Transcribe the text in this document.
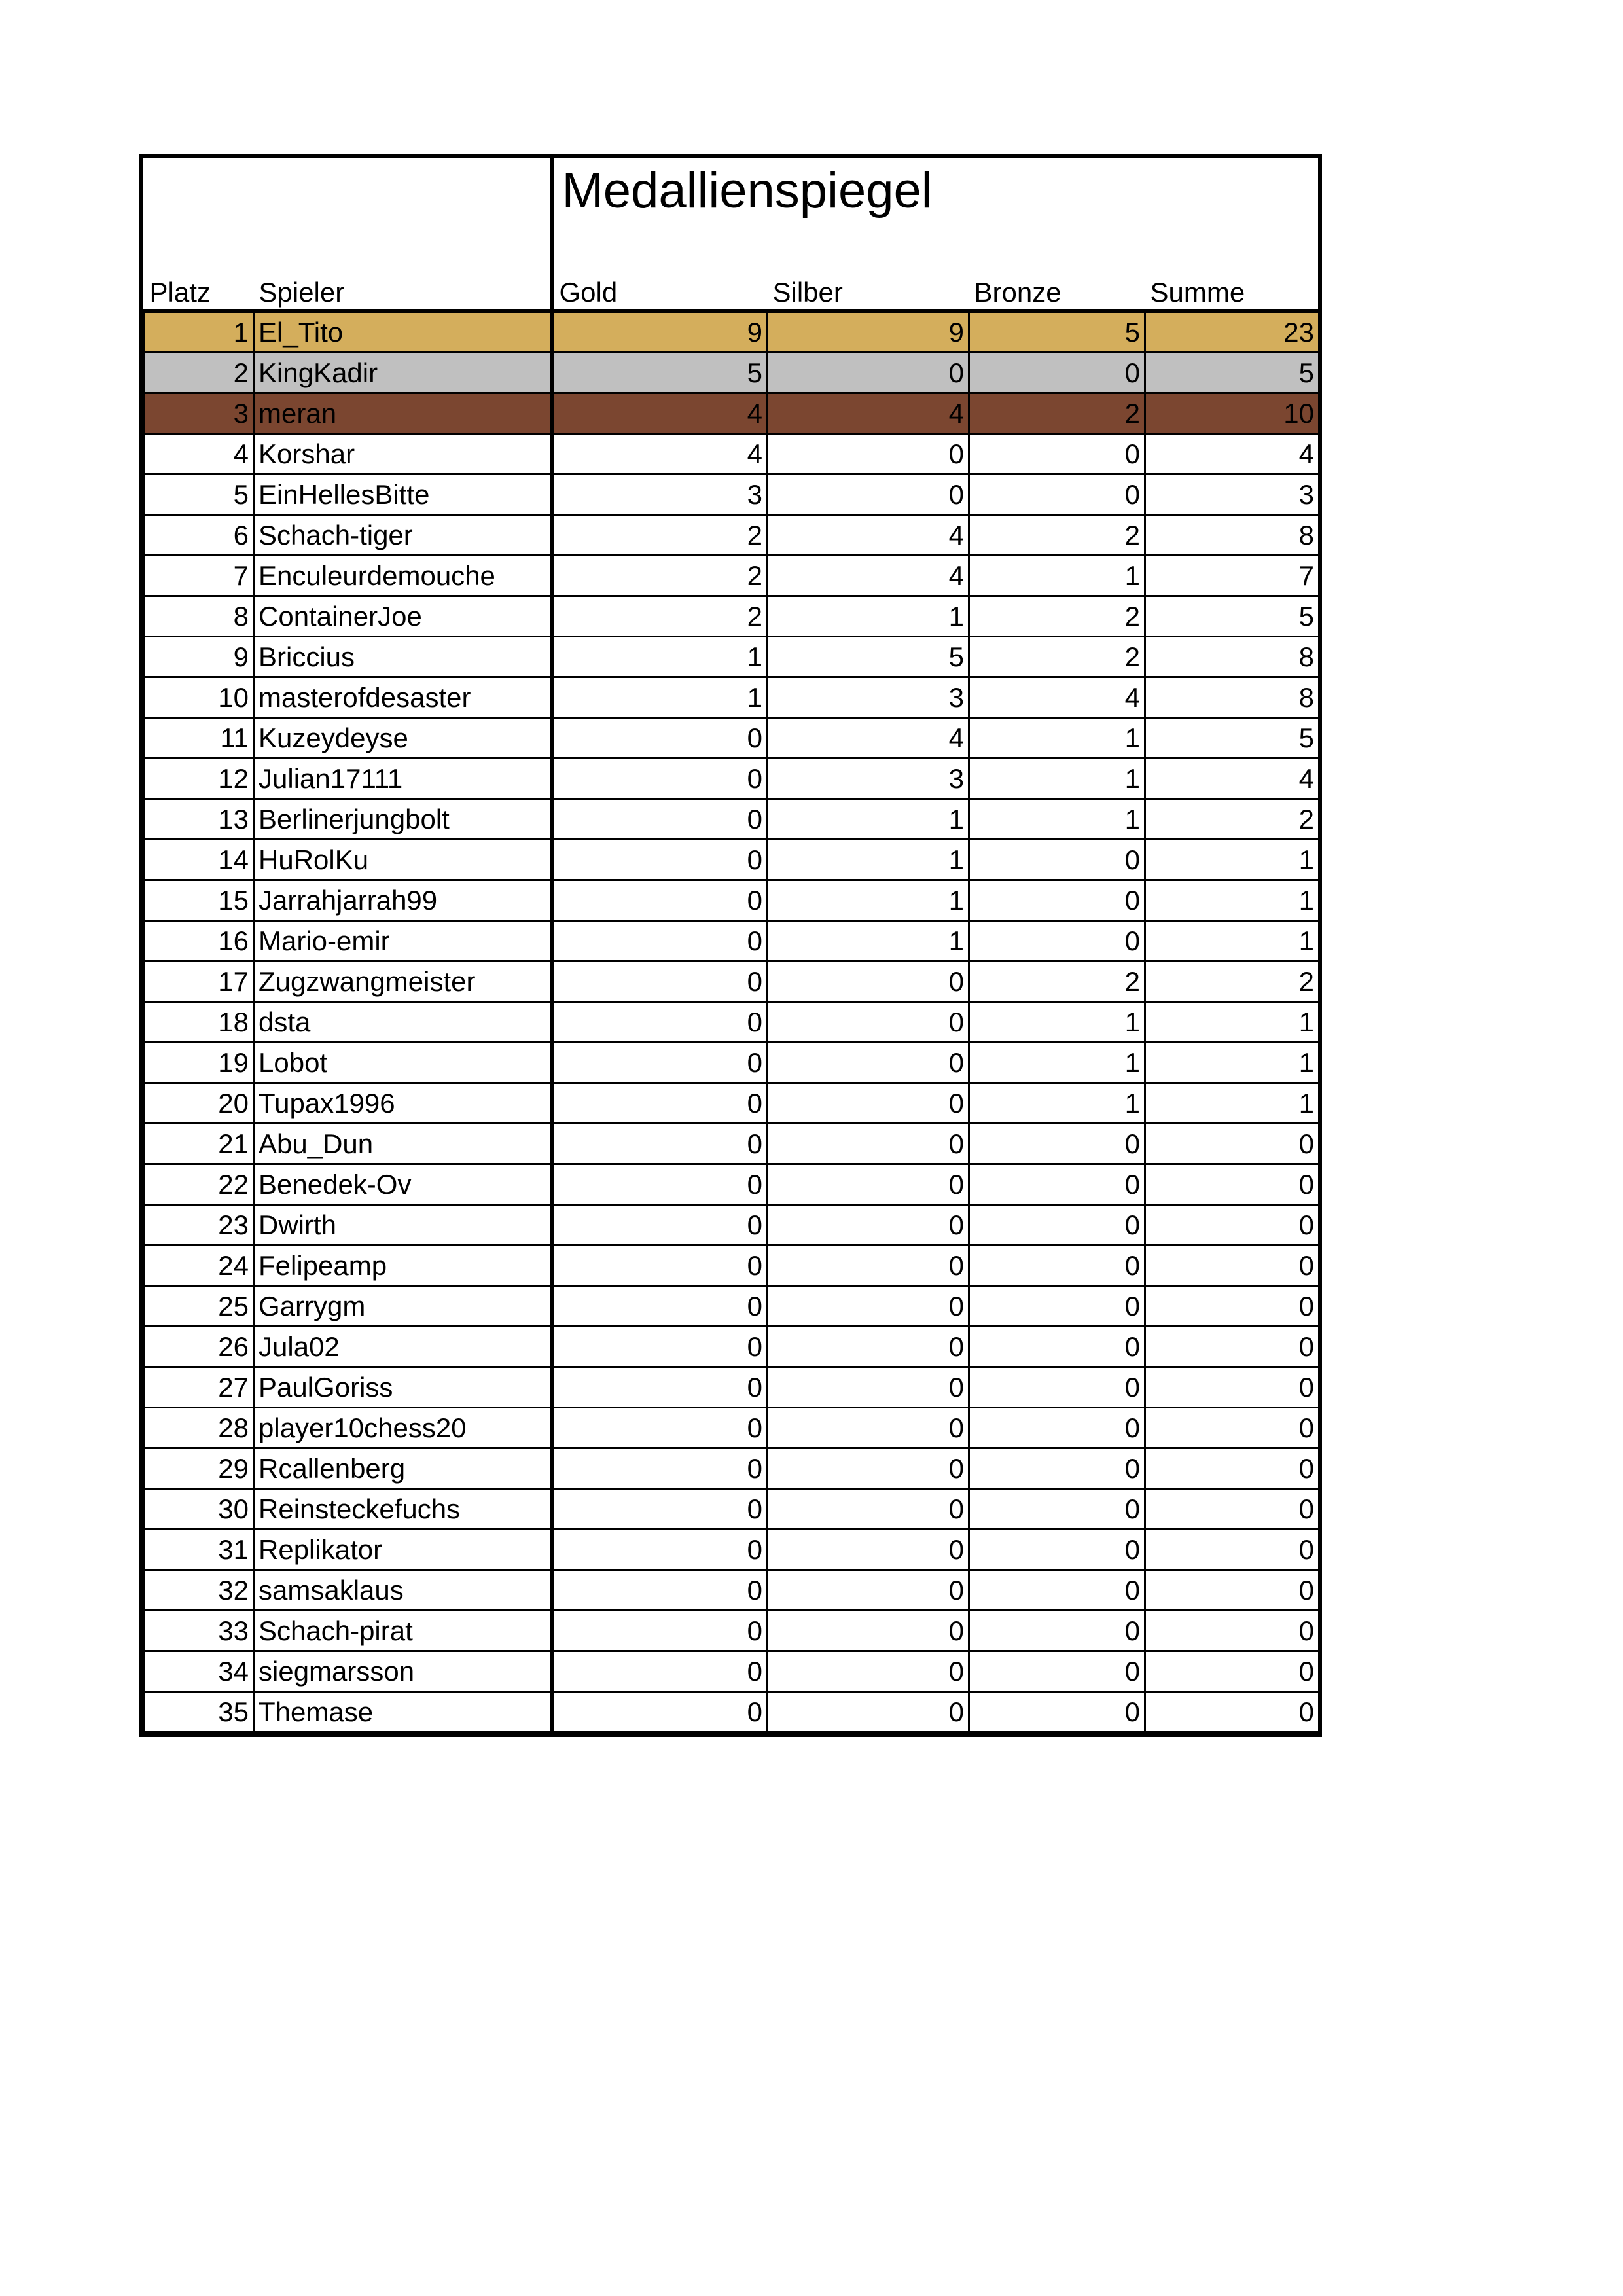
Platz	Spieler	Medallienspiegel
Gold	Silber	Bronze	Summe
1	El_Tito	9	9	5	23
2	KingKadir	5	0	0	5
3	meran	4	4	2	10
4	Korshar	4	0	0	4
5	EinHellesBitte	3	0	0	3
6	Schach-tiger	2	4	2	8
7	Enculeurdemouche	2	4	1	7
8	ContainerJoe	2	1	2	5
9	Briccius	1	5	2	8
10	masterofdesaster	1	3	4	8
11	Kuzeydeyse	0	4	1	5
12	Julian17111	0	3	1	4
13	Berlinerjungbolt	0	1	1	2
14	HuRolKu	0	1	0	1
15	Jarrahjarrah99	0	1	0	1
16	Mario-emir	0	1	0	1
17	Zugzwangmeister	0	0	2	2
18	dsta	0	0	1	1
19	Lobot	0	0	1	1
20	Tupax1996	0	0	1	1
21	Abu_Dun	0	0	0	0
22	Benedek-Ov	0	0	0	0
23	Dwirth	0	0	0	0
24	Felipeamp	0	0	0	0
25	Garrygm	0	0	0	0
26	Jula02	0	0	0	0
27	PaulGoriss	0	0	0	0
28	player10chess20	0	0	0	0
29	Rcallenberg	0	0	0	0
30	Reinsteckefuchs	0	0	0	0
31	Replikator	0	0	0	0
32	samsaklaus	0	0	0	0
33	Schach-pirat	0	0	0	0
34	siegmarsson	0	0	0	0
35	Themase	0	0	0	0
